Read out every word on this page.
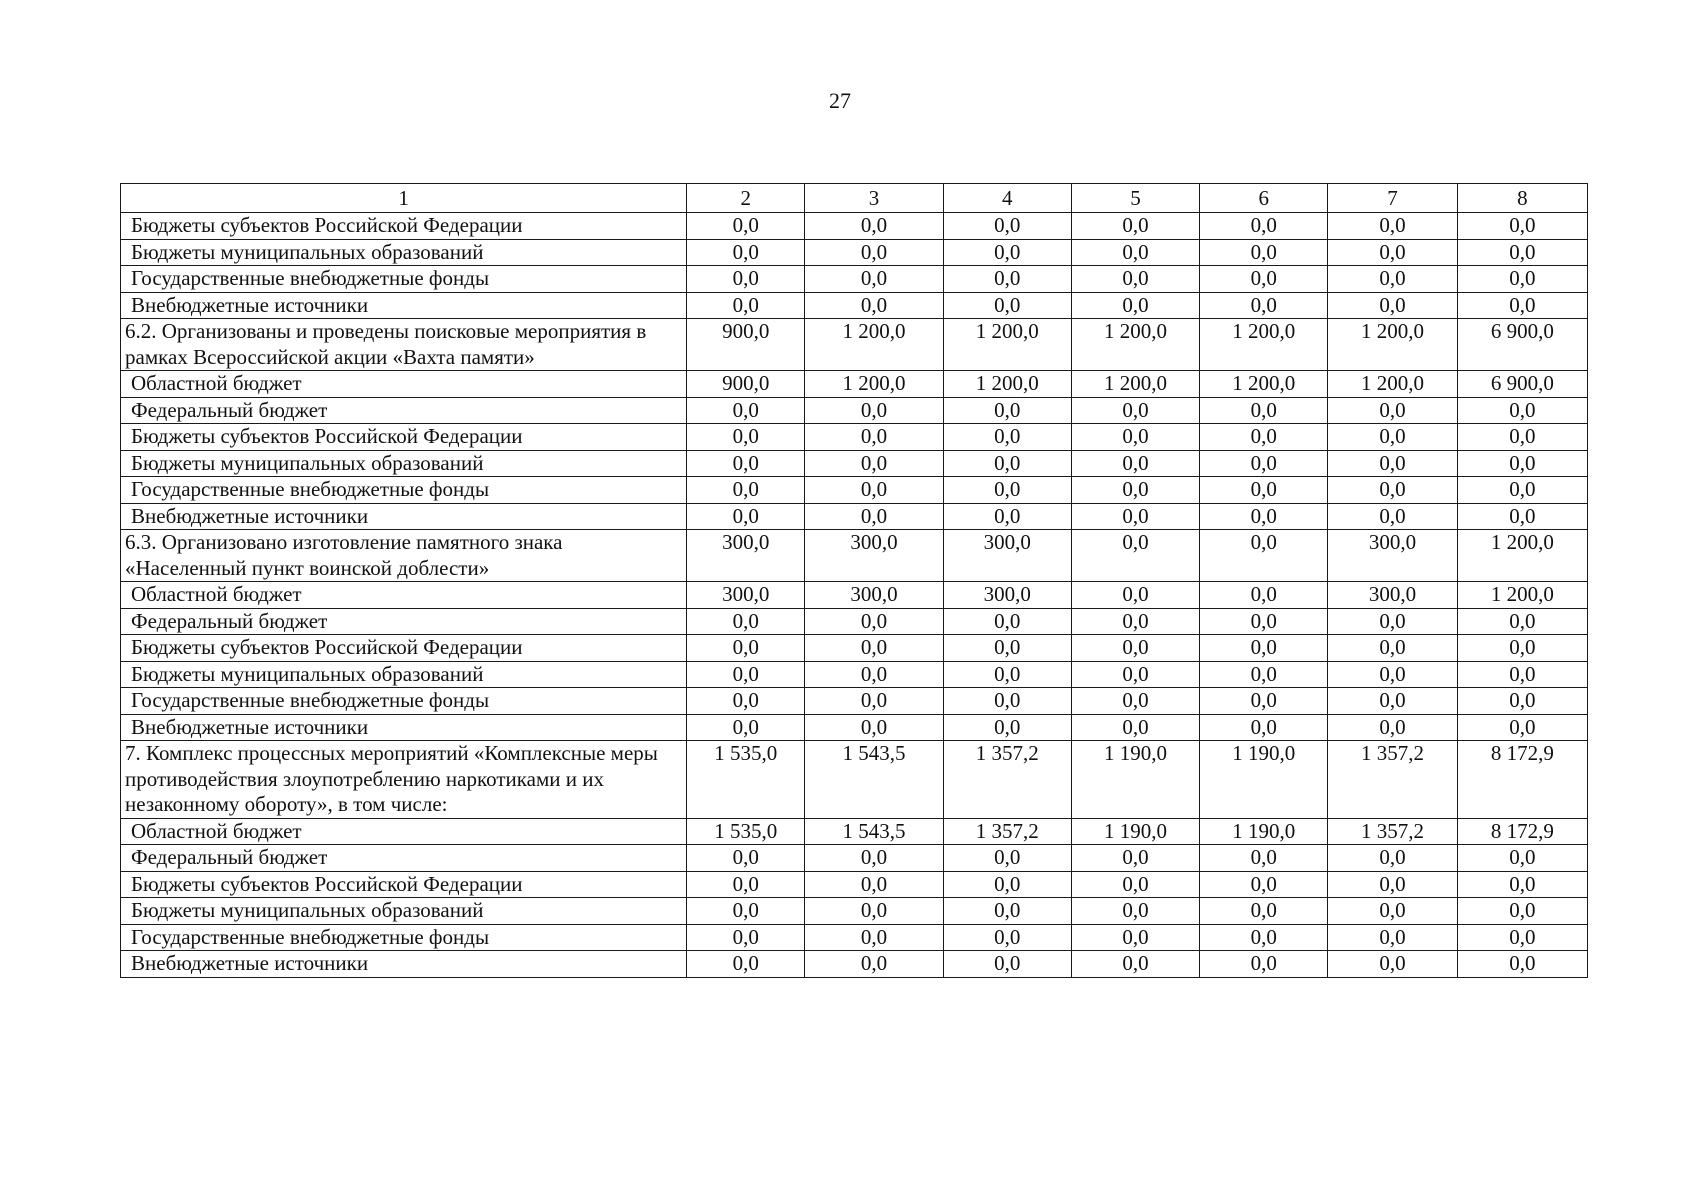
27
1	2	3	4	5	6	7	8
Бюджеты субъектов Российской Федерации	0,0	0,0	0,0	0,0	0,0	0,0	0,0
Бюджеты муниципальных образований	0,0	0,0	0,0	0,0	0,0	0,0	0,0
Государственные внебюджетные фонды	0,0	0,0	0,0	0,0	0,0	0,0	0,0
Внебюджетные источники	0,0	0,0	0,0	0,0	0,0	0,0	0,0
6.2. Организованы и проведены поисковые мероприятия в рамках Всероссийской акции «Вахта памяти»	900,0	1 200,0	1 200,0	1 200,0	1 200,0	1 200,0	6 900,0
Областной бюджет	900,0	1 200,0	1 200,0	1 200,0	1 200,0	1 200,0	6 900,0
Федеральный бюджет	0,0	0,0	0,0	0,0	0,0	0,0	0,0
Бюджеты субъектов Российской Федерации	0,0	0,0	0,0	0,0	0,0	0,0	0,0
Бюджеты муниципальных образований	0,0	0,0	0,0	0,0	0,0	0,0	0,0
Государственные внебюджетные фонды	0,0	0,0	0,0	0,0	0,0	0,0	0,0
Внебюджетные источники	0,0	0,0	0,0	0,0	0,0	0,0	0,0
6.3. Организовано изготовление памятного знака «Населенный пункт воинской доблести»	300,0	300,0	300,0	0,0	0,0	300,0	1 200,0
Областной бюджет	300,0	300,0	300,0	0,0	0,0	300,0	1 200,0
Федеральный бюджет	0,0	0,0	0,0	0,0	0,0	0,0	0,0
Бюджеты субъектов Российской Федерации	0,0	0,0	0,0	0,0	0,0	0,0	0,0
Бюджеты муниципальных образований	0,0	0,0	0,0	0,0	0,0	0,0	0,0
Государственные внебюджетные фонды	0,0	0,0	0,0	0,0	0,0	0,0	0,0
Внебюджетные источники	0,0	0,0	0,0	0,0	0,0	0,0	0,0
7. Комплекс процессных мероприятий «Комплексные меры противодействия злоупотреблению наркотиками и их незаконному обороту», в том числе:	1 535,0	1 543,5	1 357,2	1 190,0	1 190,0	1 357,2	8 172,9
Областной бюджет	1 535,0	1 543,5	1 357,2	1 190,0	1 190,0	1 357,2	8 172,9
Федеральный бюджет	0,0	0,0	0,0	0,0	0,0	0,0	0,0
Бюджеты субъектов Российской Федерации	0,0	0,0	0,0	0,0	0,0	0,0	0,0
Бюджеты муниципальных образований	0,0	0,0	0,0	0,0	0,0	0,0	0,0
Государственные внебюджетные фонды	0,0	0,0	0,0	0,0	0,0	0,0	0,0
Внебюджетные источники	0,0	0,0	0,0	0,0	0,0	0,0	0,0
